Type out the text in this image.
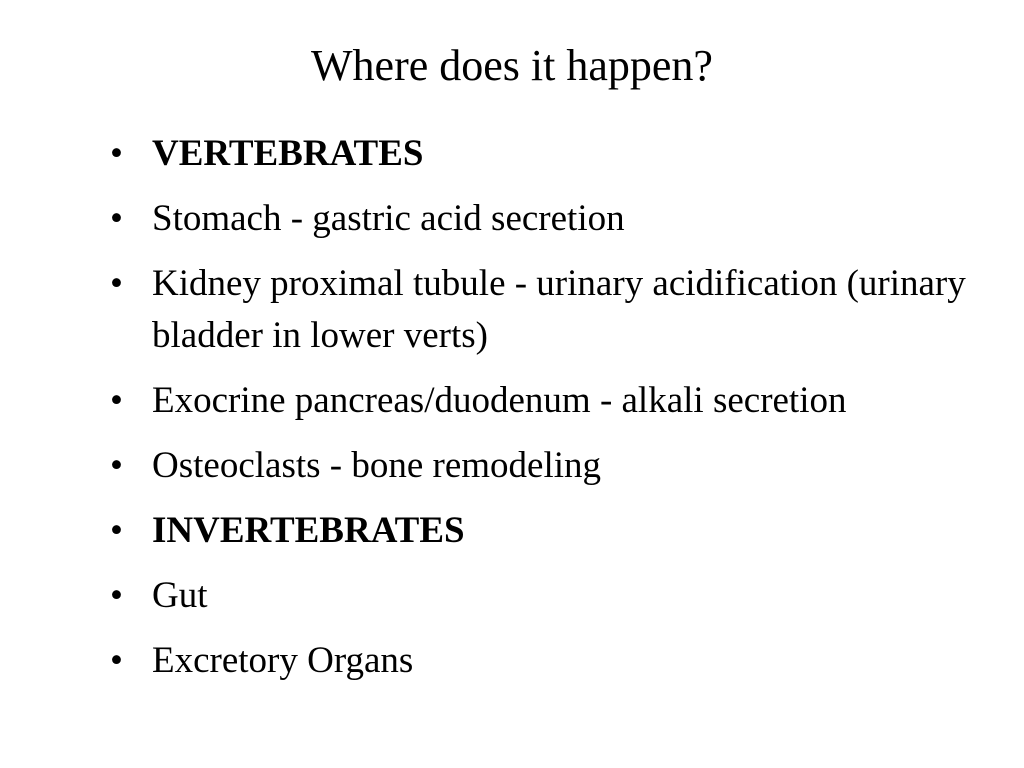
Where does it happen?
• VERTEBRATES
• Stomach - gastric acid secretion
• Kidney proximal tubule - urinary acidification (urinary bladder in lower verts)
• Exocrine pancreas/duodenum - alkali secretion
• Osteoclasts - bone remodeling
• INVERTEBRATES
• Gut
• Excretory Organs
